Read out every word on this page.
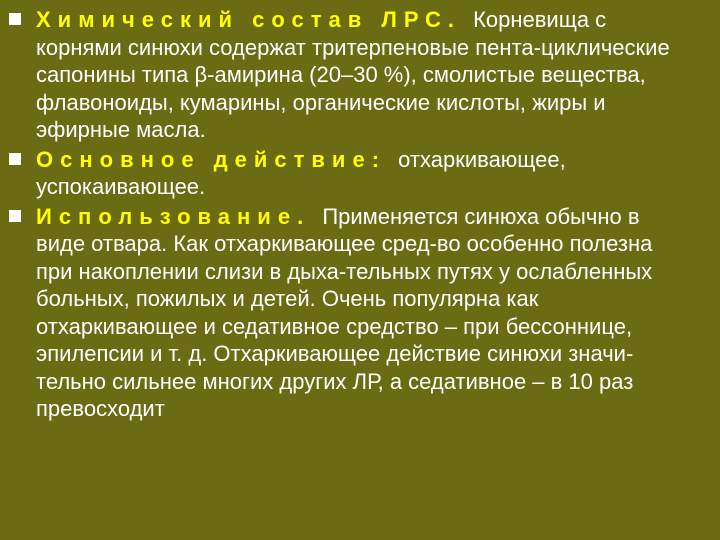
Химический состав ЛРС. Корневища с корнями синюхи содержат тритерпеновые пента-циклические сапонины типа β-амирина (20–30 %), смолистые вещества, флавоноиды, кумарины, органические кислоты, жиры и эфирные масла.
Основное действие: отхаркивающее, успокаивающее.
Использование. Применяется синюха обычно в виде отвара. Как отхаркивающее сред-во особенно полезна при накоплении слизи в дыха-тельных путях у ослабленных больных, пожилых и детей. Очень популярна как отхаркивающее и седативное средство – при бессоннице, эпилепсии и т. д. Отхаркивающее действие синюхи значи-тельно сильнее многих других ЛР, а седативное – в 10 раз превосходит
